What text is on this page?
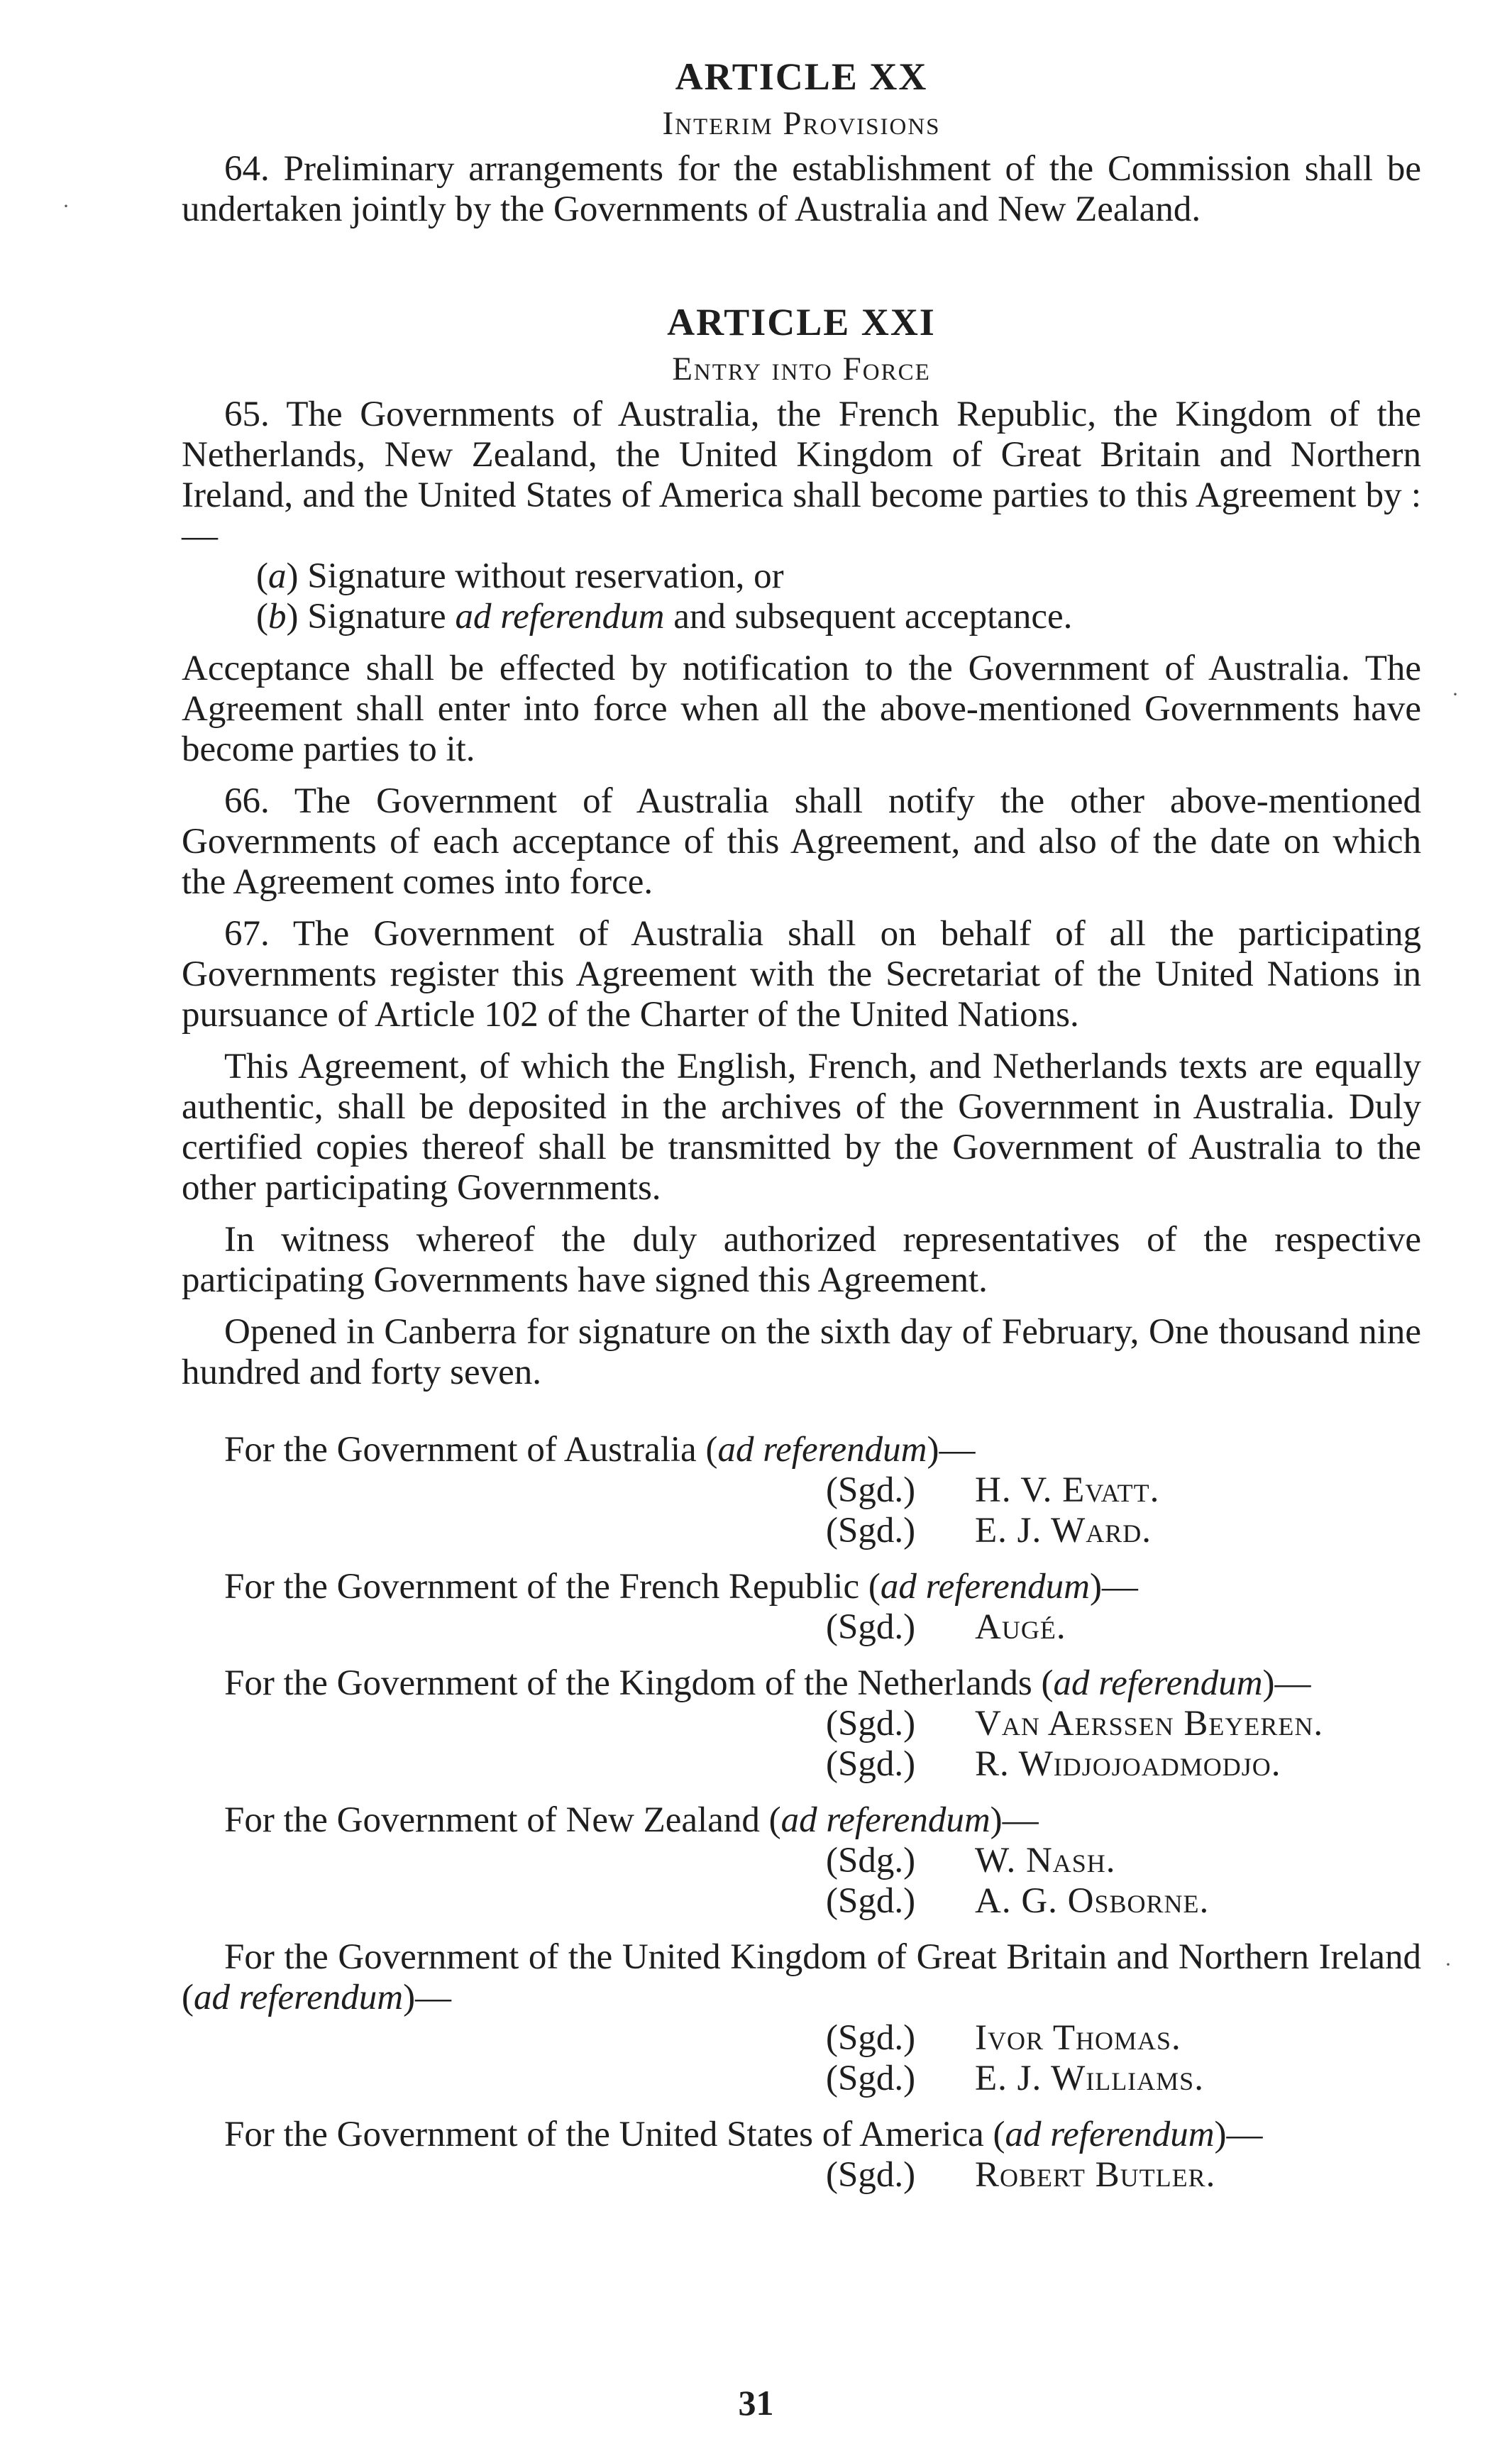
ARTICLE XX
Interim Provisions

64. Preliminary arrangements for the establishment of the Commission shall be undertaken jointly by the Governments of Australia and New Zealand.

ARTICLE XXI
Entry into Force

65. The Governments of Australia, the French Republic, the Kingdom of the Netherlands, New Zealand, the United Kingdom of Great Britain and Northern Ireland, and the United States of America shall become parties to this Agreement by :—

(a) Signature without reservation, or
(b) Signature ad referendum and subsequent acceptance.

Acceptance shall be effected by notification to the Government of Australia. The Agreement shall enter into force when all the above-mentioned Governments have become parties to it.

66. The Government of Australia shall notify the other above-mentioned Governments of each acceptance of this Agreement, and also of the date on which the Agreement comes into force.

67. The Government of Australia shall on behalf of all the participating Governments register this Agreement with the Secretariat of the United Nations in pursuance of Article 102 of the Charter of the United Nations.

This Agreement, of which the English, French, and Netherlands texts are equally authentic, shall be deposited in the archives of the Government in Australia. Duly certified copies thereof shall be transmitted by the Government of Australia to the other participating Governments.

In witness whereof the duly authorized representatives of the respective participating Governments have signed this Agreement.

Opened in Canberra for signature on the sixth day of February, One thousand nine hundred and forty seven.

For the Government of Australia (ad referendum)—
(Sgd.) H. V. Evatt.
(Sgd.) E. J. Ward.
For the Government of the French Republic (ad referendum)—
(Sgd.) Augé.
For the Government of the Kingdom of the Netherlands (ad referendum)—
(Sgd.) Van Aerssen Beyeren.
(Sgd.) R. Widjojoadmodjo.
For the Government of New Zealand (ad referendum)—
(Sdg.) W. Nash.
(Sgd.) A. G. Osborne.
For the Government of the United Kingdom of Great Britain and Northern Ireland (ad referendum)—
(Sgd.) Ivor Thomas.
(Sgd.) E. J. Williams.
For the Government of the United States of America (ad referendum)—
(Sgd.) Robert Butler.
31
·
·
·
